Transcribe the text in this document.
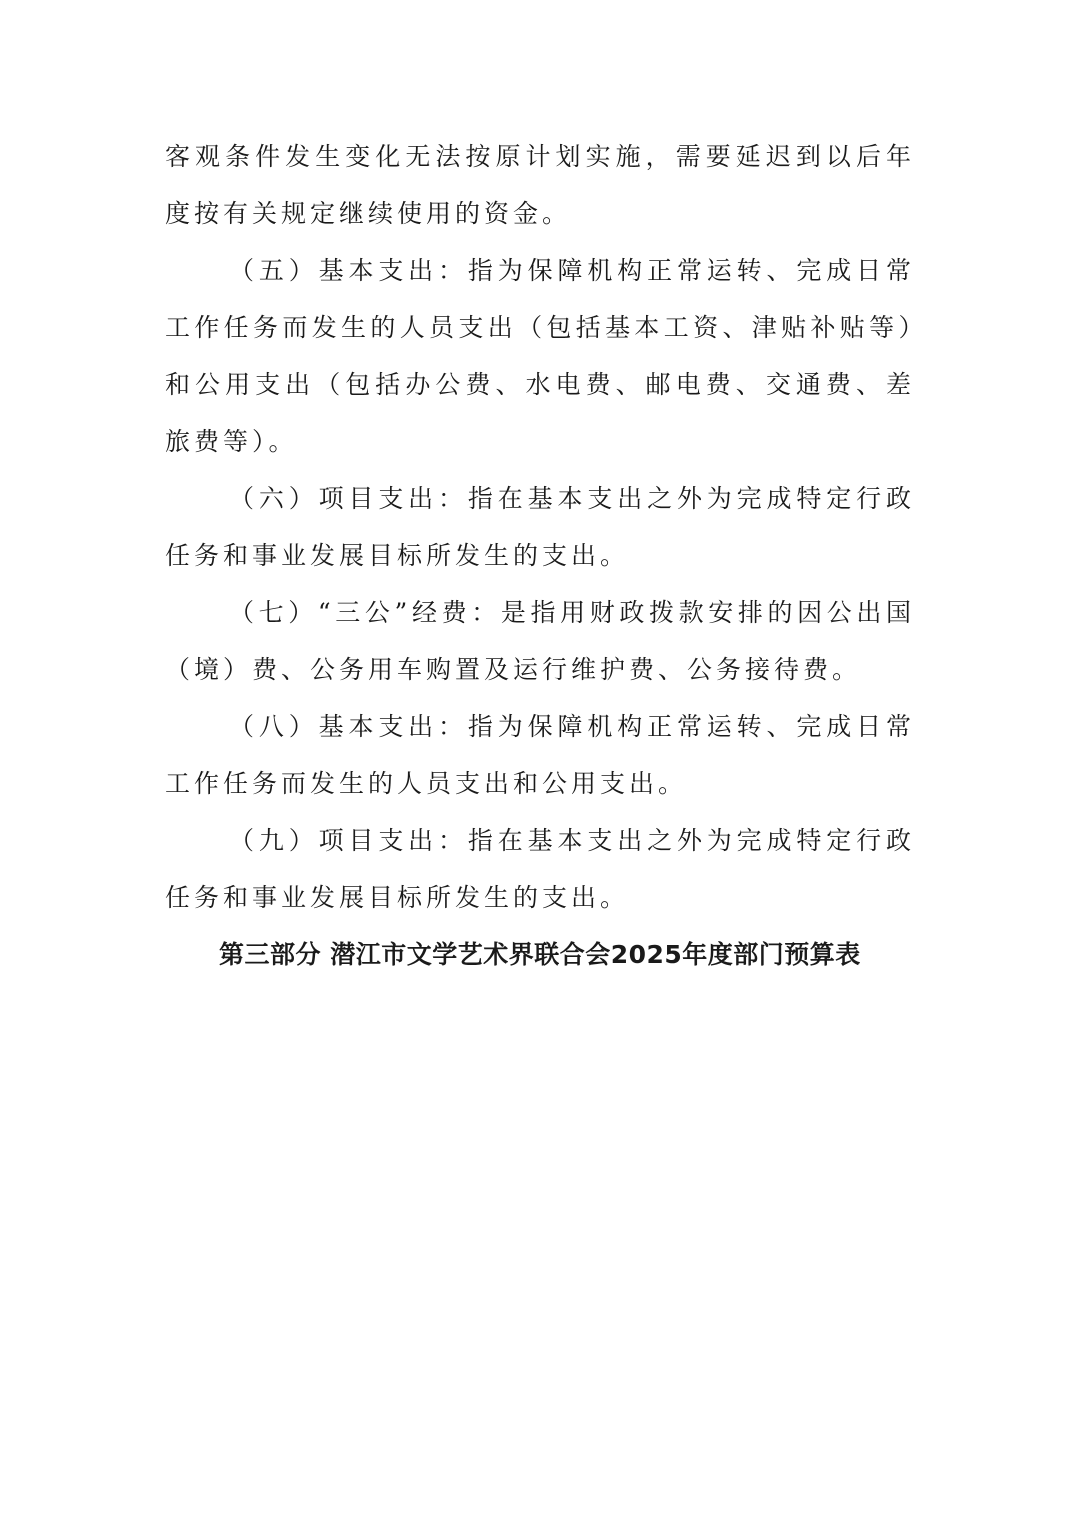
客观条件发生变化无法按原计划实施，需要延迟到以后年度按有关规定继续使用的资金。

（五）基本支出：指为保障机构正常运转、完成日常工作任务而发生的人员支出（包括基本工资、津贴补贴等）和公用支出（包括办公费、水电费、邮电费、交通费、差旅费等）。

（六）项目支出：指在基本支出之外为完成特定行政任务和事业发展目标所发生的支出。

（七）“三公”经费：是指用财政拨款安排的因公出国（境）费、公务用车购置及运行维护费、公务接待费。

（八）基本支出：指为保障机构正常运转、完成日常工作任务而发生的人员支出和公用支出。

（九）项目支出：指在基本支出之外为完成特定行政任务和事业发展目标所发生的支出。

第三部分 潜江市文学艺术界联合会2025年度部门预算表
